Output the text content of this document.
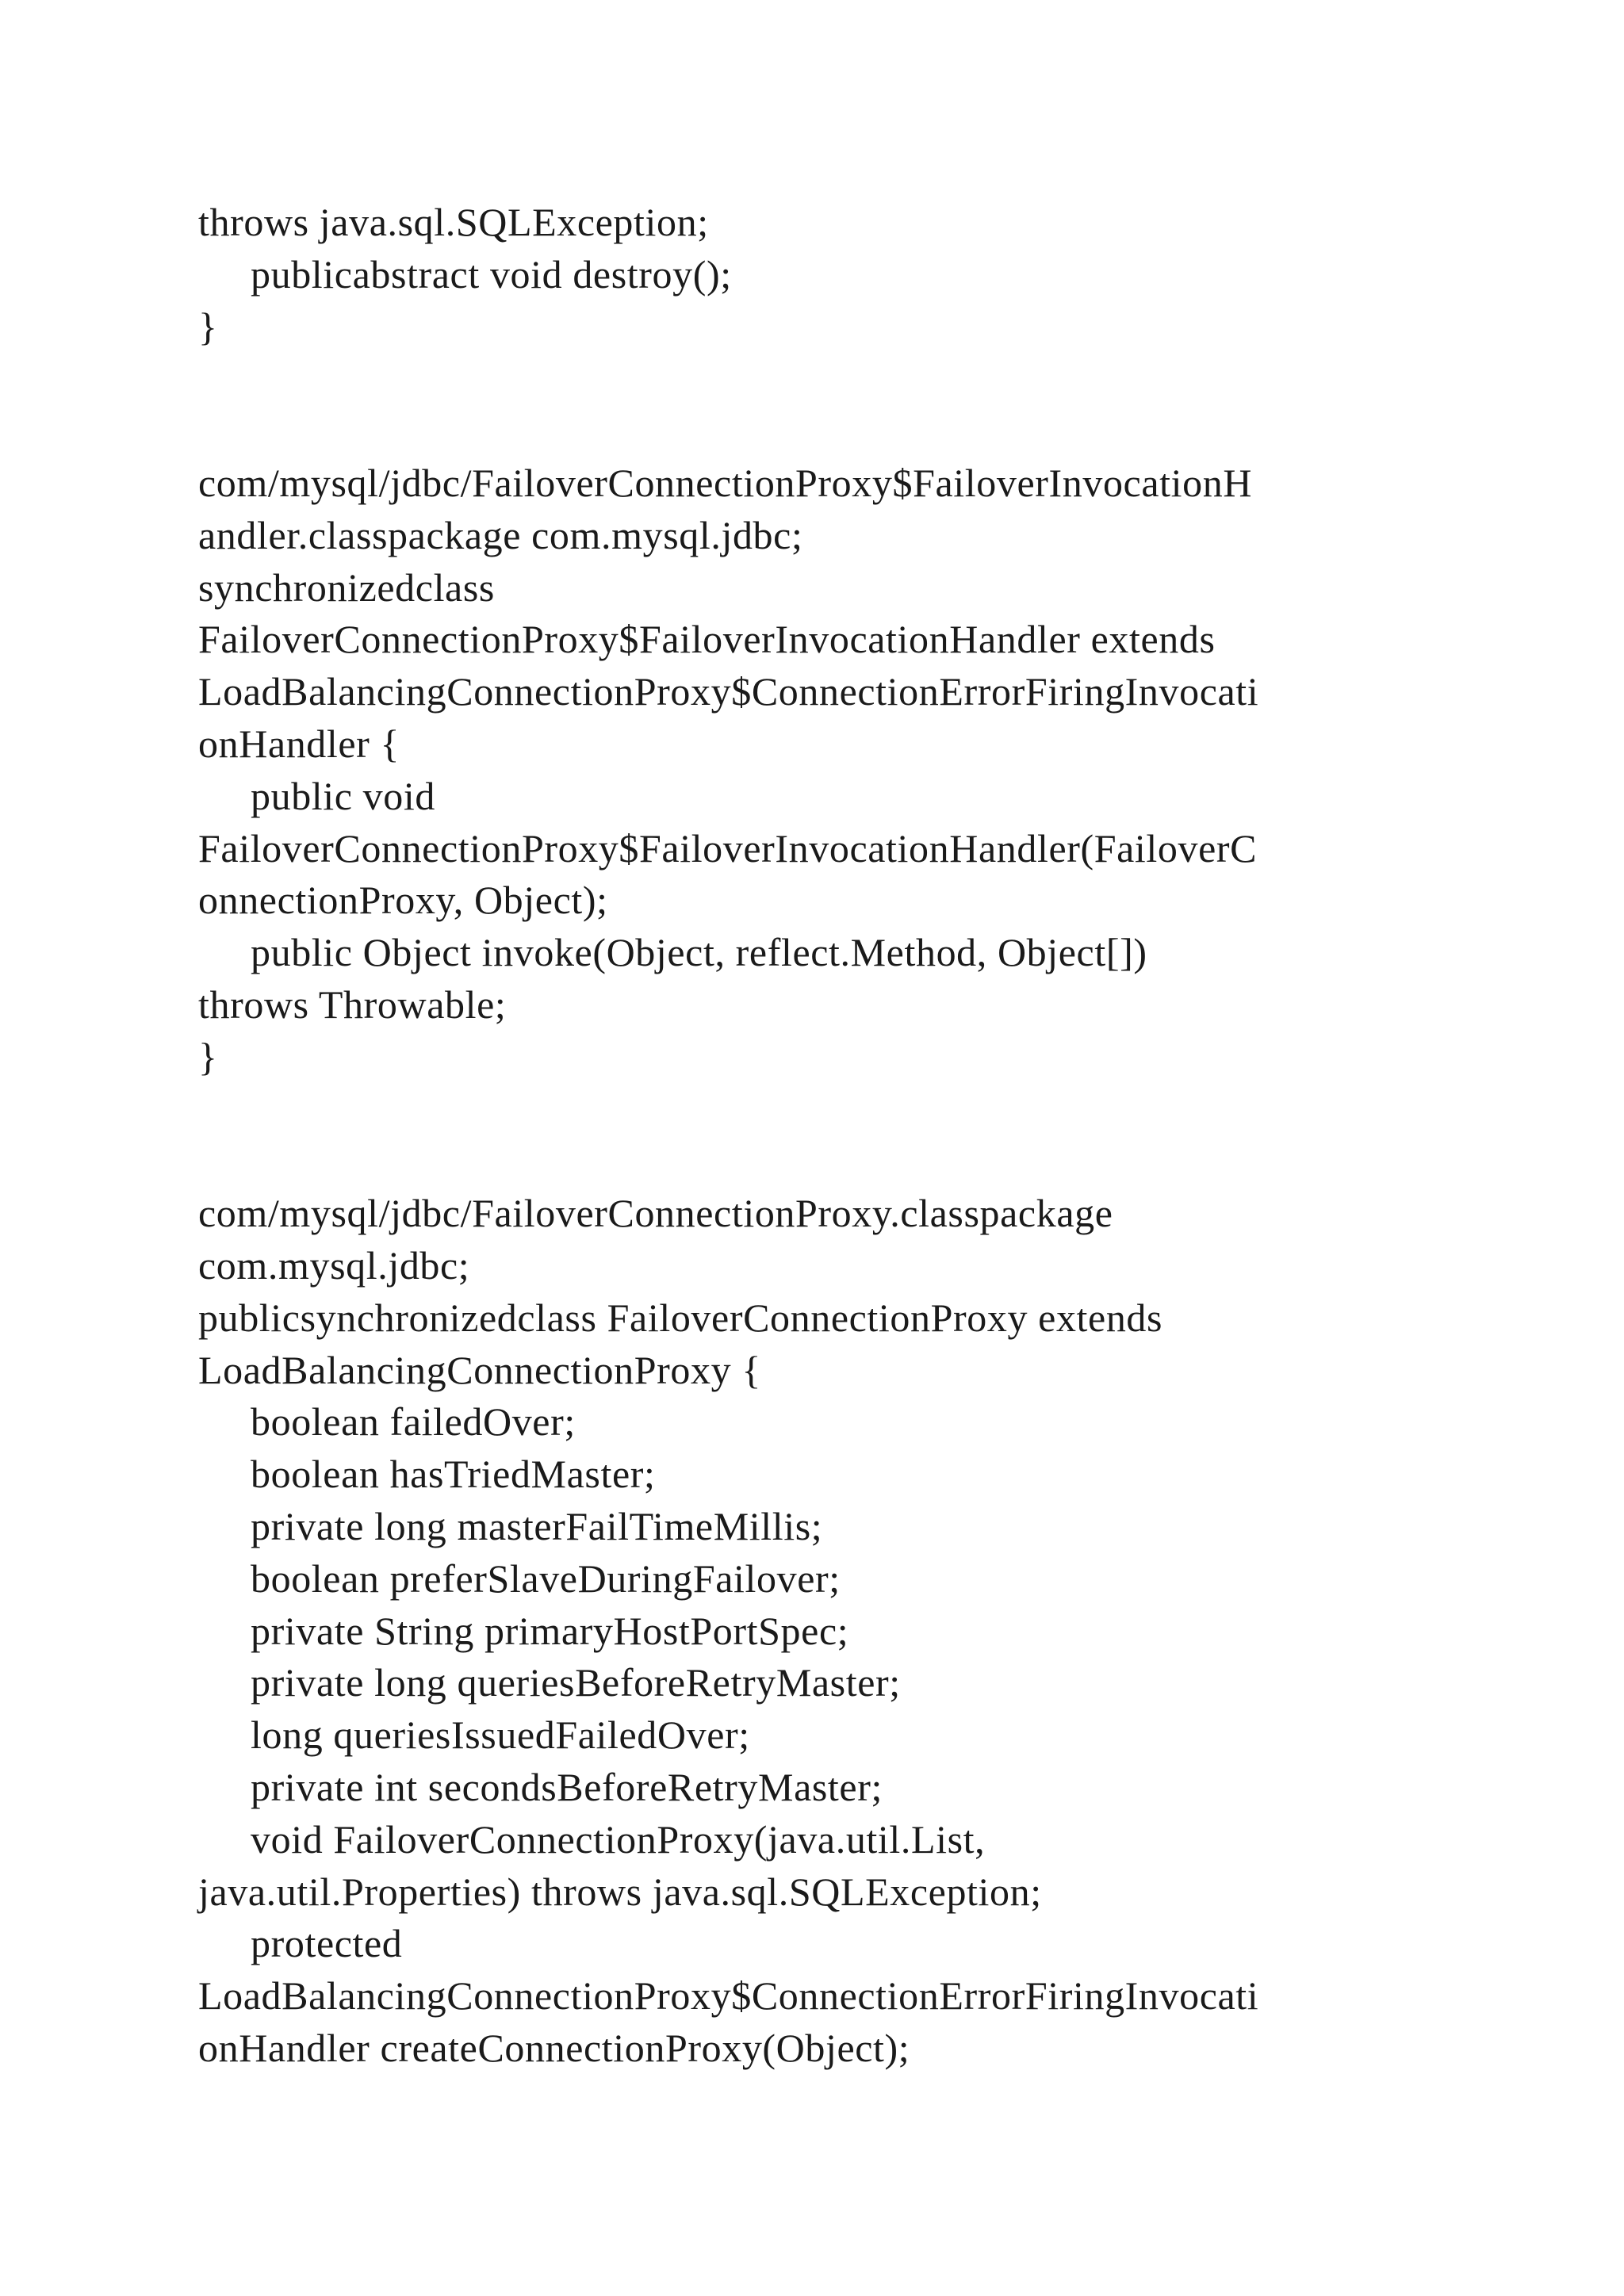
throws java.sql.SQLException;
publicabstract void destroy();
}
com/mysql/jdbc/FailoverConnectionProxy$FailoverInvocationH
andler.classpackage com.mysql.jdbc;
synchronizedclass
FailoverConnectionProxy$FailoverInvocationHandler extends
LoadBalancingConnectionProxy$ConnectionErrorFiringInvocati
onHandler {
public void
FailoverConnectionProxy$FailoverInvocationHandler(FailoverC
onnectionProxy, Object);
public Object invoke(Object, reflect.Method, Object[])
throws Throwable;
}
com/mysql/jdbc/FailoverConnectionProxy.classpackage
com.mysql.jdbc;
publicsynchronizedclass FailoverConnectionProxy extends
LoadBalancingConnectionProxy {
boolean failedOver;
boolean hasTriedMaster;
private long masterFailTimeMillis;
boolean preferSlaveDuringFailover;
private String primaryHostPortSpec;
private long queriesBeforeRetryMaster;
long queriesIssuedFailedOver;
private int secondsBeforeRetryMaster;
void FailoverConnectionProxy(java.util.List,
java.util.Properties) throws java.sql.SQLException;
protected
LoadBalancingConnectionProxy$ConnectionErrorFiringInvocati
onHandler createConnectionProxy(Object);
